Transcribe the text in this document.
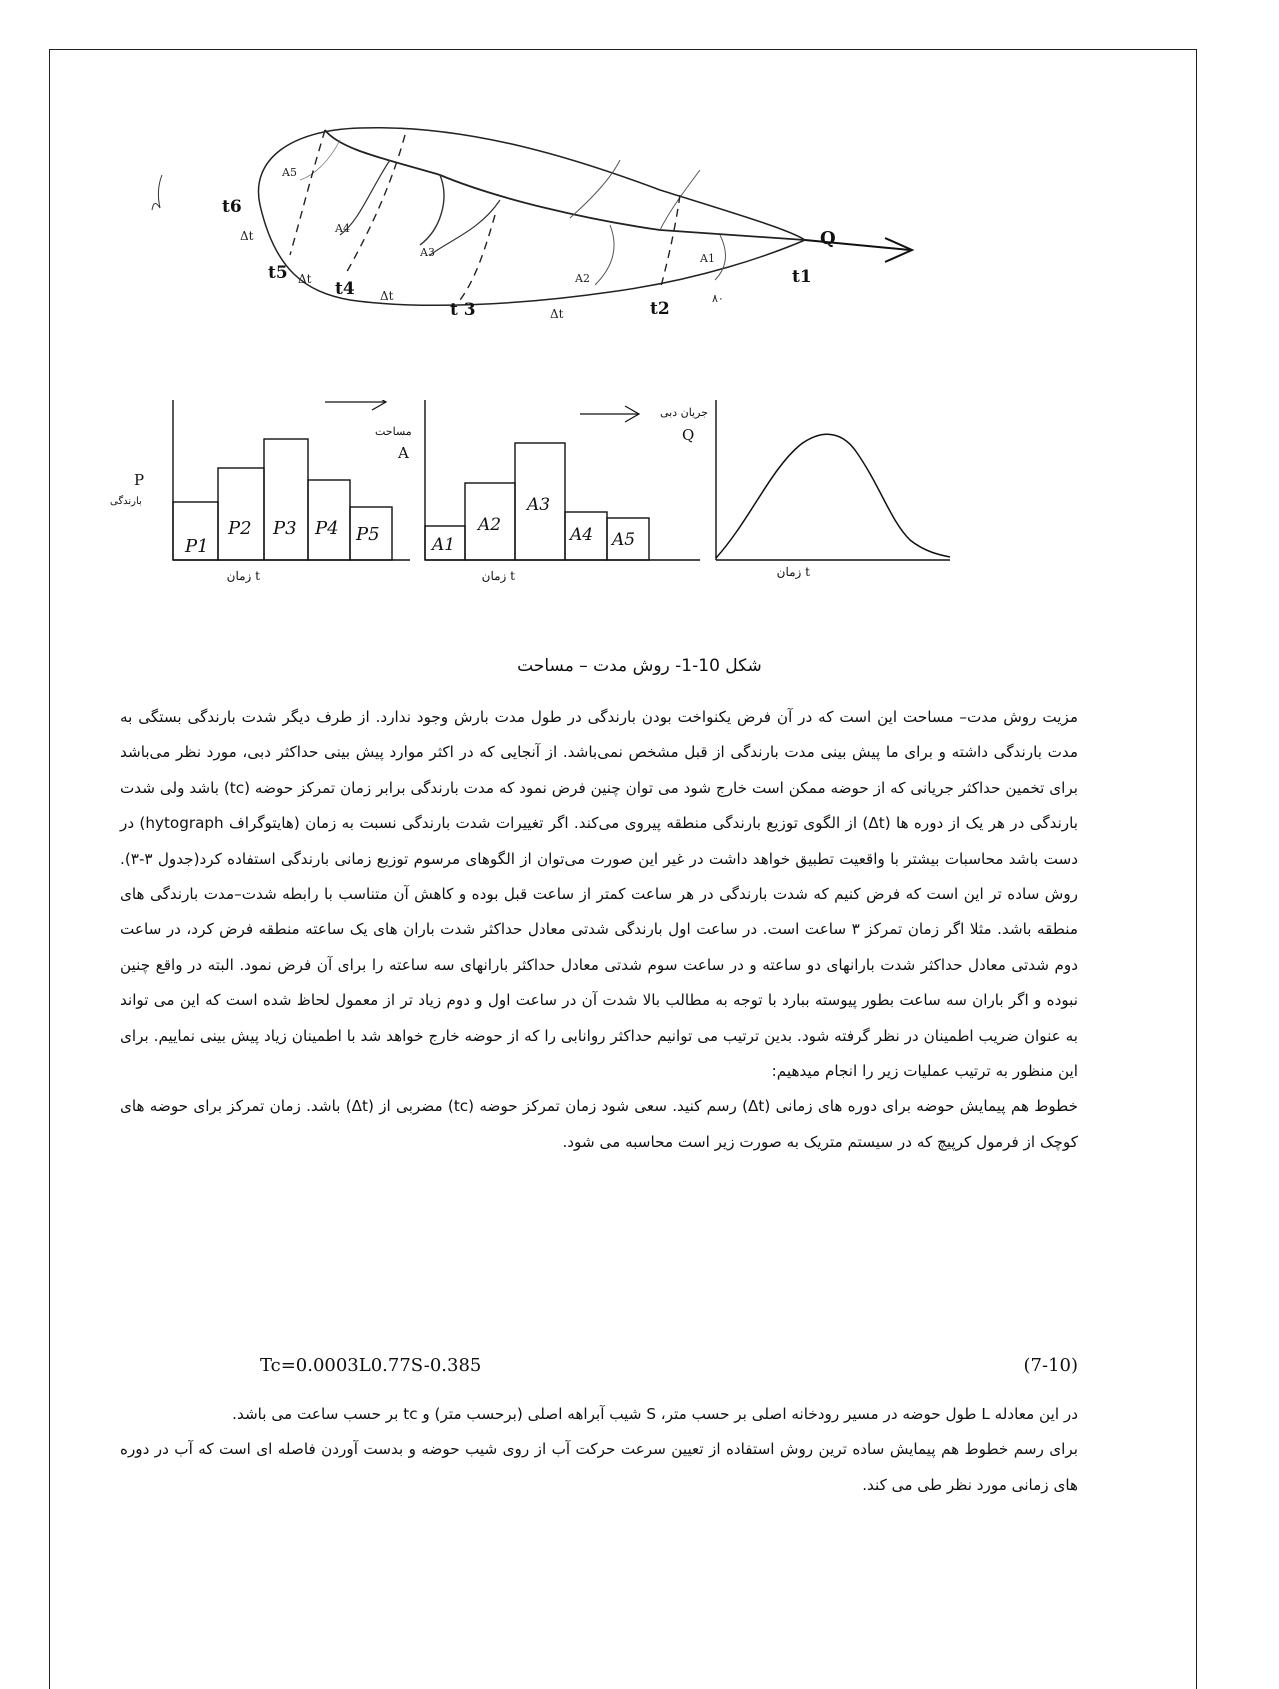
A5
A4
A3
A2
A1
t6
t5
t4
t 3	t2
t1
Q
۸۰
Δt
Δt
Δt
Δt
P1
P2 P3 P4 P5
P
بارندگی
t زمان
A1
A2
A3
A4 A5
مساحت
A
t زمان
جریان دبی
Q
t زمان
شکل 10-1- روش مدت – مساحت

مزیت روش مدت– مساحت این است که در آن فرض یکنواخت بودن بارندگی در طول مدت بارش وجود ندارد. از طرف دیگر شدت بارندگی بستگی به مدت بارندگی داشته و برای ما پیش بینی مدت بارندگی از قبل مشخص نمی‌باشد. از آنجایی که در اکثر موارد پیش بینی حداکثر دبی، مورد نظر می‌باشد برای تخمین حداکثر جریانی که از حوضه ممکن است خارج شود می توان چنین فرض نمود که مدت بارندگی برابر زمان تمرکز حوضه (tc) باشد ولی شدت بارندگی در هر یک از دوره ها (Δt) از الگوی توزیع بارندگی منطقه پیروی می‌کند. اگر تغییرات شدت بارندگی نسبت به زمان (هایتوگراف hytograph) در دست باشد محاسبات بیشتر با واقعیت تطبیق خواهد داشت در غیر این صورت می‌توان از الگوهای مرسوم توزیع زمانی بارندگی استفاده کرد(جدول ۳-۳). روش ساده تر این است که فرض کنیم که شدت بارندگی در هر ساعت کمتر از ساعت قبل بوده و کاهش آن متناسب با رابطه شدت–مدت بارندگی های منطقه باشد. مثلا اگر زمان تمرکز ۳ ساعت است. در ساعت اول بارندگی شدتی معادل حداکثر شدت باران های یک ساعته منطقه فرض کرد، در ساعت دوم شدتی معادل حداکثر شدت بارانهای دو ساعته و در ساعت سوم شدتی معادل حداکثر بارانهای سه ساعته را برای آن فرض نمود. البته در واقع چنین نبوده و اگر باران سه ساعت بطور پیوسته ببارد با توجه به مطالب بالا شدت آن در ساعت اول و دوم زیاد تر از معمول لحاظ شده است که این می تواند به عنوان ضریب اطمینان در نظر گرفته شود. بدین ترتیب می توانیم حداکثر روانابی را که از حوضه خارج خواهد شد با اطمینان زیاد پیش بینی نماییم. برای این منظور به ترتیب عملیات زیر را انجام میدهیم:

خطوط هم پیمایش حوضه برای دوره های زمانی (Δt) رسم کنید. سعی شود زمان تمرکز حوضه (tc) مضربی از (Δt) باشد. زمان تمرکز برای حوضه های کوچک از فرمول کرپیچ که در سیستم متریک به صورت زیر است محاسبه می شود.

Tc=0.0003L0.77S-0.385	(7-10)

در این معادله L طول حوضه در مسیر رودخانه اصلی بر حسب متر، S شیب آبراهه اصلی (برحسب متر) و tc بر حسب ساعت می باشد.

برای رسم خطوط هم پیمایش ساده ترین روش استفاده از تعیین سرعت حرکت آب از روی شیب حوضه و بدست آوردن فاصله ای است که آب در دوره های زمانی مورد نظر طی می کند.
